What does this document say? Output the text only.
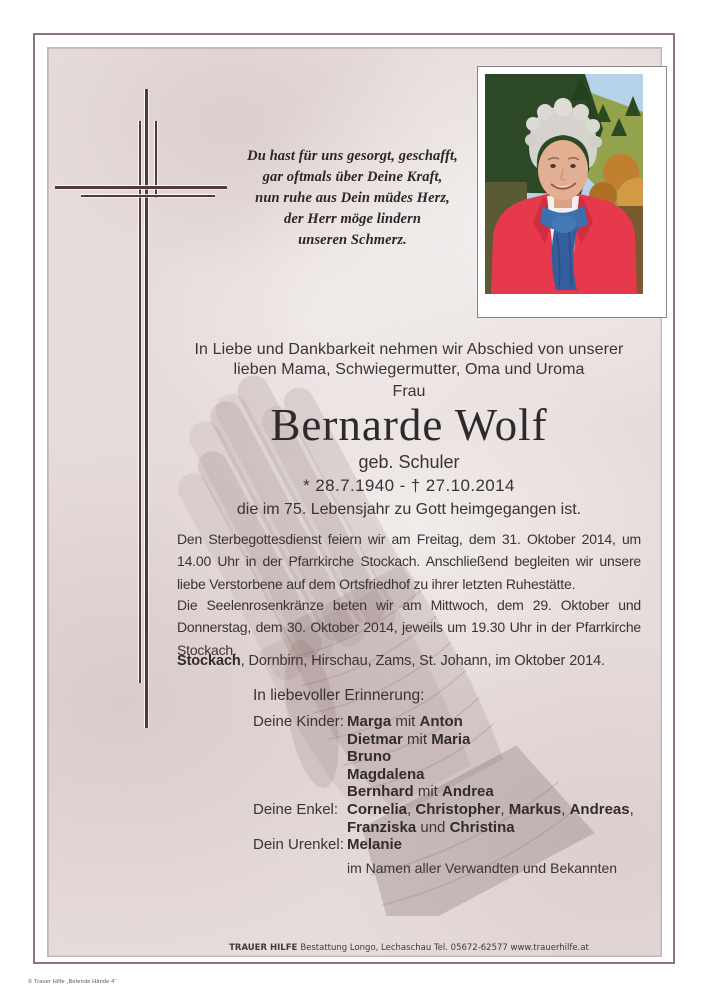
Du hast für uns gesorgt, geschafft,
gar oftmals über Deine Kraft,
nun ruhe aus Dein müdes Herz,
der Herr möge lindern
unseren Schmerz.
In Liebe und Dankbarkeit nehmen wir Abschied von unserer
lieben Mama, Schwiegermutter, Oma und Uroma
Frau
Bernarde Wolf
geb. Schuler
* 28.7.1940 - † 27.10.2014
die im 75. Lebensjahr zu Gott heimgegangen ist.
Den Sterbegottesdienst feiern wir am Freitag, dem 31. Oktober 2014, um 14.00 Uhr in der Pfarrkirche Stockach. Anschließend begleiten wir unsere liebe Verstorbene auf dem Ortsfriedhof zu ihrer letzten Ruhestätte.
Die Seelenrosenkränze beten wir am Mittwoch, dem 29. Oktober und Donnerstag, dem 30. Oktober 2014, jeweils um 19.30 Uhr in der Pfarrkirche Stockach.
Stockach, Dornbirn, Hirschau, Zams, St. Johann, im Oktober 2014.
In liebevoller Erinnerung:
Deine Kinder: Marga mit Anton
Dietmar mit Maria
Bruno
Magdalena
Bernhard mit Andrea
Deine Enkel: Cornelia, Christopher, Markus, Andreas,
Franziska und Christina
Dein Urenkel: Melanie
im Namen aller Verwandten und Bekannten
TRAUER HILFE Bestattung Longo, Lechaschau Tel. 05672-62577 www.trauerhilfe.at
© Trauer Hilfe „Betende Hände 4“
